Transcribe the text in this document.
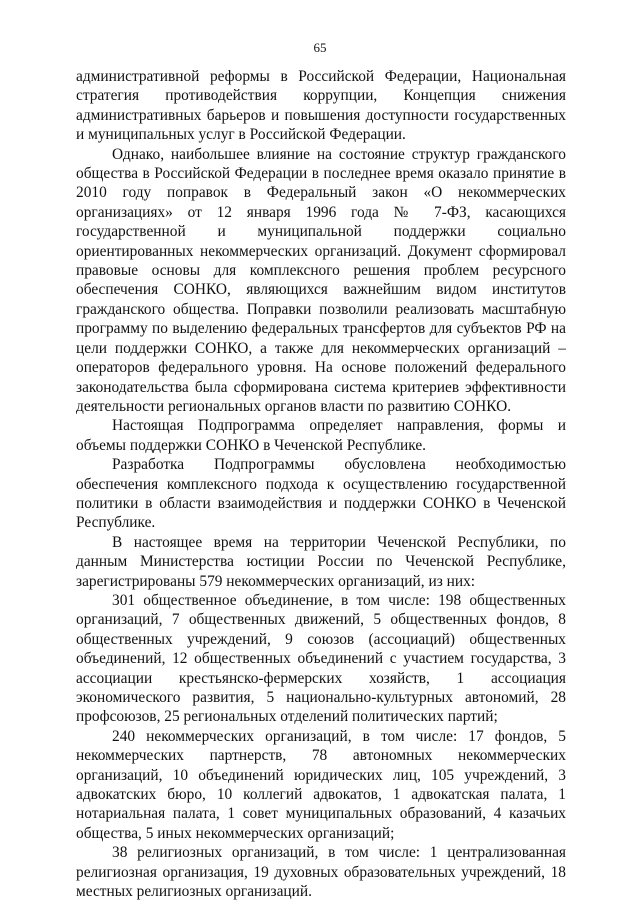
65

административной реформы в Российской Федерации, Национальная стратегия противодействия коррупции, Концепция снижения административных барьеров и повышения доступности государственных и муниципальных услуг в Российской Федерации.

Однако, наибольшее влияние на состояние структур гражданского общества в Российской Федерации в последнее время оказало принятие в 2010 году поправок в Федеральный закон «О некоммерческих организациях» от 12 января 1996 года № 7-ФЗ, касающихся государственной и муниципальной поддержки социально ориентированных некоммерческих организаций. Документ сформировал правовые основы для комплексного решения проблем ресурсного обеспечения СОНКО, являющихся важнейшим видом институтов гражданского общества. Поправки позволили реализовать масштабную программу по выделению федеральных трансфертов для субъектов РФ на цели поддержки СОНКО, а также для некоммерческих организаций – операторов федерального уровня. На основе положений федерального законодательства была сформирована система критериев эффективности деятельности региональных органов власти по развитию СОНКО.

Настоящая Подпрограмма определяет направления, формы и объемы поддержки СОНКО в Чеченской Республике.

Разработка Подпрограммы обусловлена необходимостью обеспечения комплексного подхода к осуществлению государственной политики в области взаимодействия и поддержки СОНКО в Чеченской Республике.

В настоящее время на территории Чеченской Республики, по данным Министерства юстиции России по Чеченской Республике, зарегистрированы 579 некоммерческих организаций, из них:

301 общественное объединение, в том числе: 198 общественных организаций, 7 общественных движений, 5 общественных фондов, 8 общественных учреждений, 9 союзов (ассоциаций) общественных объединений, 12 общественных объединений с участием государства, 3 ассоциации крестьянско-фермерских хозяйств, 1 ассоциация экономического развития, 5 национально-культурных автономий, 28 профсоюзов, 25 региональных отделений политических партий;

240 некоммерческих организаций, в том числе: 17 фондов, 5 некоммерческих партнерств, 78 автономных некоммерческих организаций, 10 объединений юридических лиц, 105 учреждений, 3 адвокатских бюро, 10 коллегий адвокатов, 1 адвокатская палата, 1 нотариальная палата, 1 совет муниципальных образований, 4 казачьих общества, 5 иных некоммерческих организаций;

38 религиозных организаций, в том числе: 1 централизованная религиозная организация, 19 духовных образовательных учреждений, 18 местных религиозных организаций.
